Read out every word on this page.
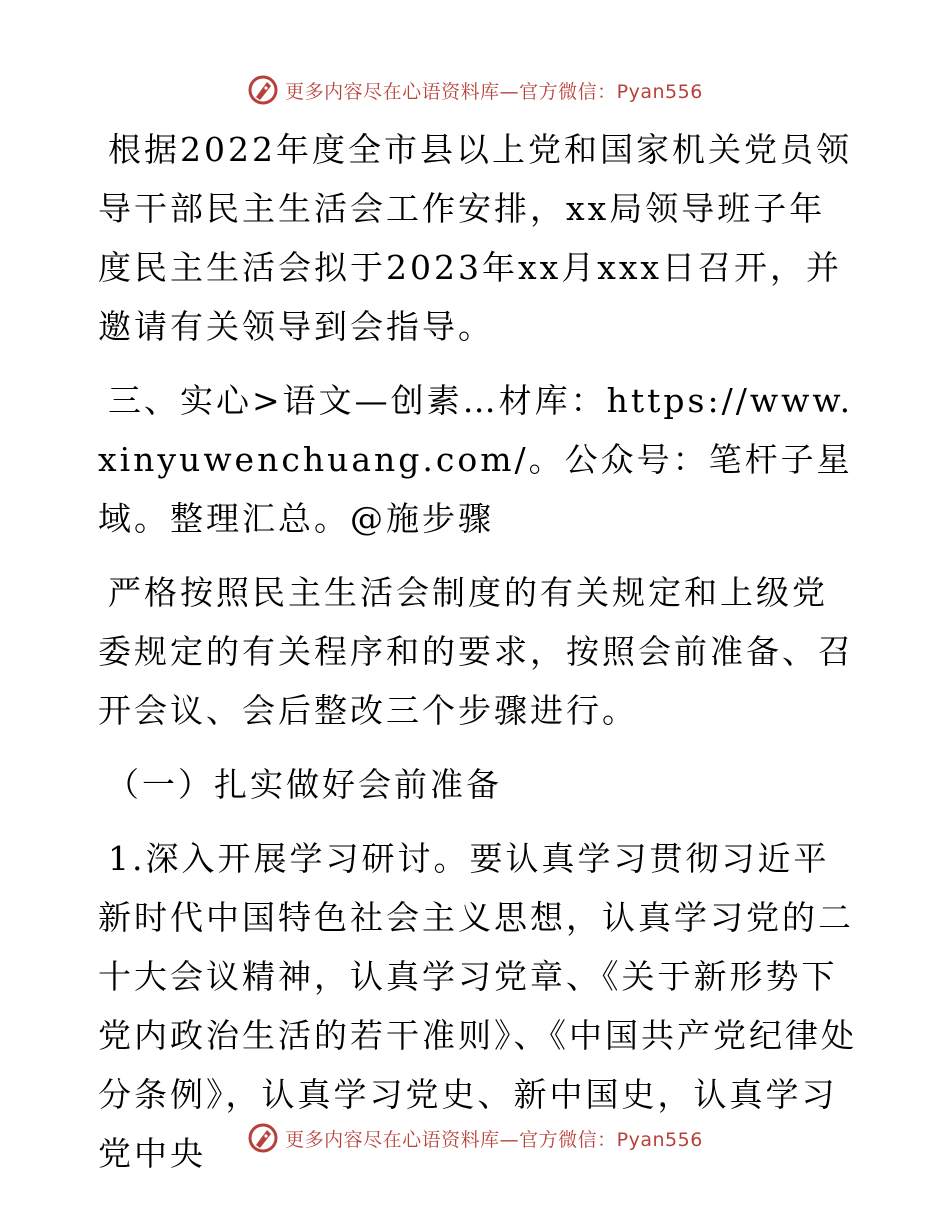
更多内容尽在心语资料库—官方微信：Pyan556

根据2022年度全市县以上党和国家机关党员领导干部民主生活会工作安排，xx局领导班子年度民主生活会拟于2023年xx月xxx日召开，并邀请有关领导到会指导。

三、实心>语文—创素…材库：https://www.xinyuwenchuang.com/。公众号：笔杆子星域。整理汇总。@施步骤

严格按照民主生活会制度的有关规定和上级党委规定的有关程序和的要求，按照会前准备、召开会议、会后整改三个步骤进行。

（一）扎实做好会前准备

1.深入开展学习研讨。要认真学习贯彻习近平新时代中国特色社会主义思想，认真学习党的二十大会议精神，认真学习党章、《关于新形势下党内政治生活的若干准则》、《中国共产党纪律处分条例》，认真学习党史、新中国史，认真学习党中央	更多内容尽在心语资料库—官方微信：Pyan556
